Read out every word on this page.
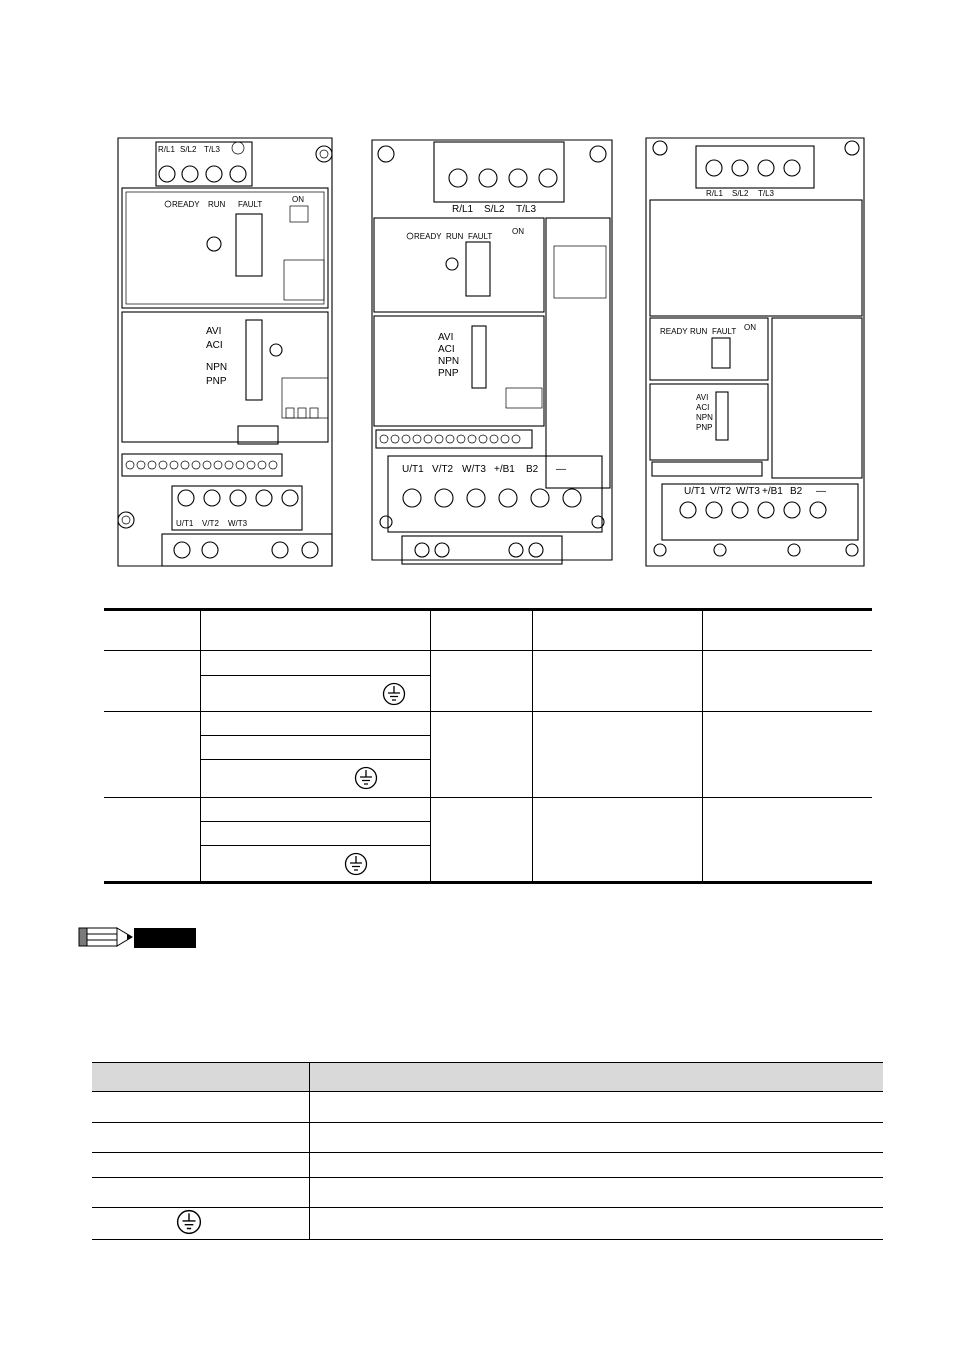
R/L1 S/L2 T/L3
READY RUN FAULT
ON
AVI
ACI
NPN
PNP
U/T1 V/T2 W/T3
R/L1 S/L2 T/L3
READY RUN FAULT
ON
AVI
ACI
NPN
PNP
U/T1 V/T2 W/T3 +/B1 B2 —
R/L1 S/L2 T/L3
READY RUN FAULT ON
AVI
ACI
NPN
PNP
U/T1 V/T2 W/T3 +/B1 B2 —
